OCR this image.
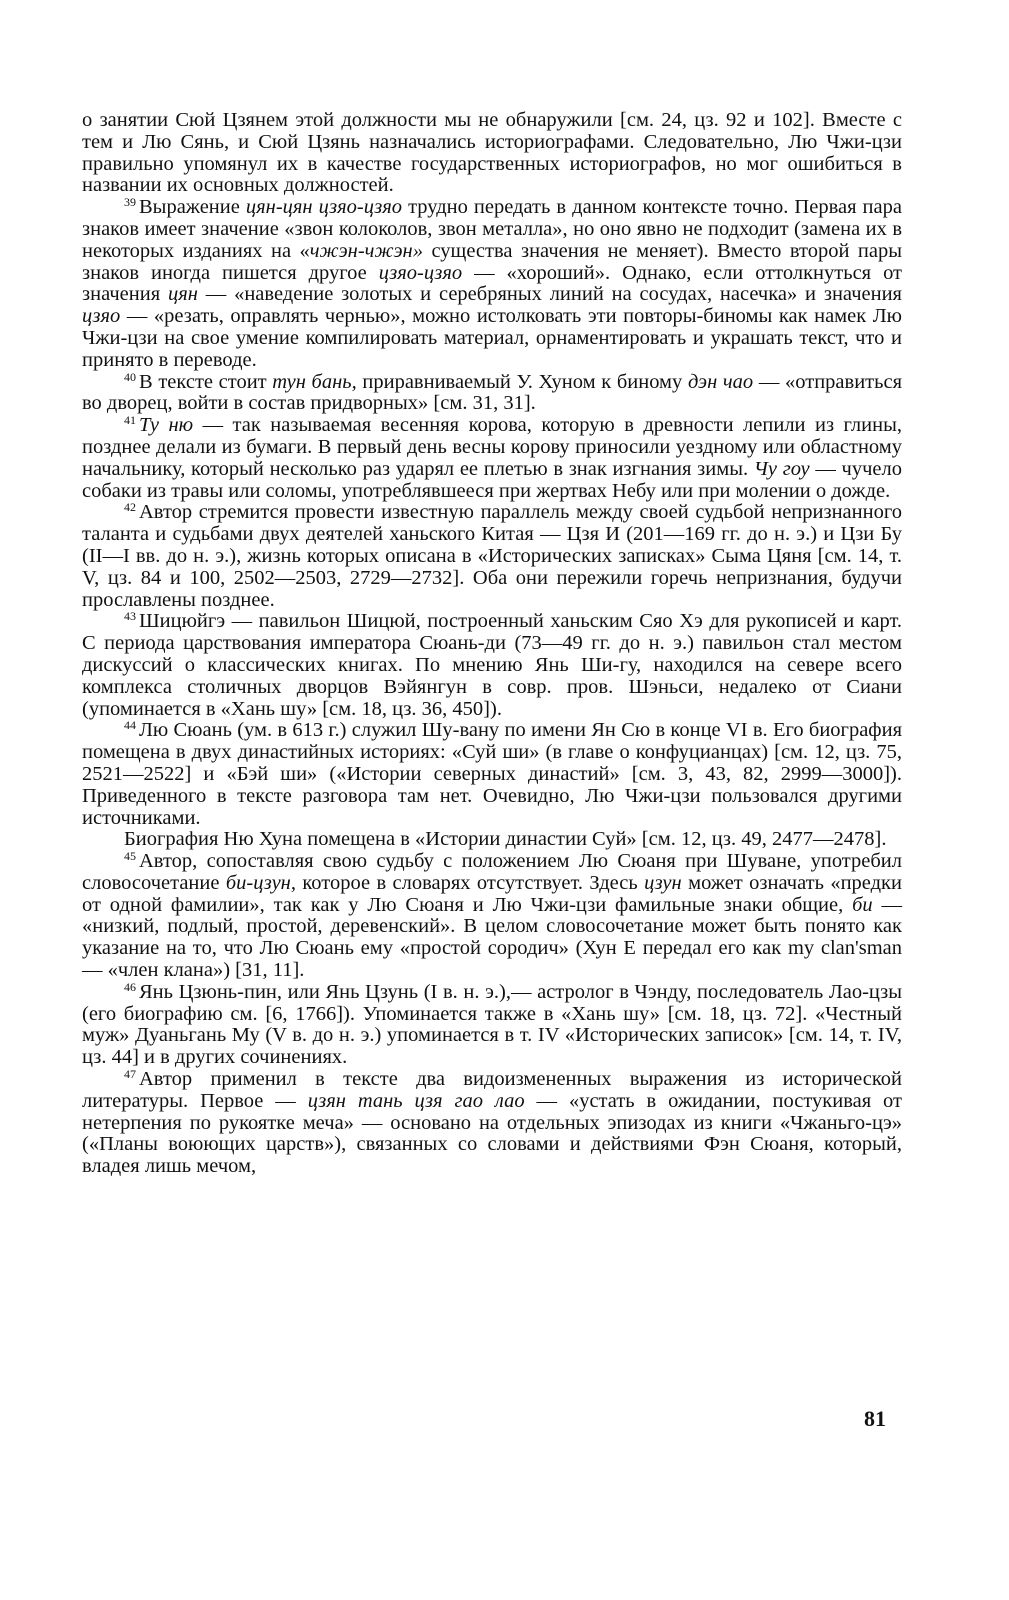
о занятии Сюй Цзянем этой должности мы не обнаружили [см. 24, цз. 92 и 102]. Вместе с тем и Лю Сянь, и Сюй Цзянь назначались историографами. Следовательно, Лю Чжи-цзи правильно упомянул их в качестве государственных историографов, но мог ошибиться в названии их основных должностей.

$^{39}$ Выражение цян-цян цзяо-цзяо трудно передать в данном контексте точно. Первая пара знаков имеет значение «звон колоколов, звон металла», но оно явно не подходит (замена их в некоторых изданиях на «чжэн-чжэн» существа значения не меняет). Вместо второй пары знаков иногда пишется другое цзяо-цзяо — «хороший». Однако, если оттолкнуться от значения цян — «наведение золотых и серебряных линий на сосудах, насечка» и значения цзяо — «резать, оправлять чернью», можно истолковать эти повторы-биномы как намек Лю Чжи-цзи на свое умение компилировать материал, орнаментировать и украшать текст, что и принято в переводе.

$^{40}$ В тексте стоит тун бань, приравниваемый У. Хуном к биному дэн чао — «отправиться во дворец, войти в состав придворных» [см. 31, 31].

$^{41}$ Ту ню — так называемая весенняя корова, которую в древности лепили из глины, позднее делали из бумаги. В первый день весны корову приносили уездному или областному начальнику, который несколько раз ударял ее плетью в знак изгнания зимы. Чу гоу — чучело собаки из травы или соломы, употреблявшееся при жертвах Небу или при молении о дожде.

$^{42}$ Автор стремится провести известную параллель между своей судьбой непризнанного таланта и судьбами двух деятелей ханьского Китая — Цзя И (201—169 гг. до н. э.) и Цзи Бу (II—I вв. до н. э.), жизнь которых описана в «Исторических записках» Сыма Цяня [см. 14, т. V, цз. 84 и 100, 2502—2503, 2729—2732]. Оба они пережили горечь непризнания, будучи прославлены позднее.

$^{43}$ Шицюйгэ — павильон Шицюй, построенный ханьским Сяо Хэ для рукописей и карт. С периода царствования императора Сюань-ди (73—49 гг. до н. э.) павильон стал местом дискуссий о классических книгах. По мнению Янь Ши-гу, находился на севере всего комплекса столичных дворцов Вэйянгун в совр. пров. Шэньси, недалеко от Сиани (упоминается в «Хань шу» [см. 18, цз. 36, 450]).

$^{44}$ Лю Сюань (ум. в 613 г.) служил Шу-вану по имени Ян Сю в конце VI в. Его биография помещена в двух династийных историях: «Суй ши» (в главе о конфуцианцах) [см. 12, цз. 75, 2521—2522] и «Бэй ши» («Истории северных династий» [см. 3, 43, 82, 2999—3000]). Приведенного в тексте разговора там нет. Очевидно, Лю Чжи-цзи пользовался другими источниками.

Биография Ню Хуна помещена в «Истории династии Суй» [см. 12, цз. 49, 2477—2478].

$^{45}$ Автор, сопоставляя свою судьбу с положением Лю Сюаня при Шуване, употребил словосочетание би-цзун, которое в словарях отсутствует. Здесь цзун может означать «предки от одной фамилии», так как у Лю Сюаня и Лю Чжи-цзи фамильные знаки общие, би — «низкий, подлый, простой, деревенский». В целом словосочетание может быть понято как указание на то, что Лю Сюань ему «простой сородич» (Хун Е передал его как my clan'sman — «член клана») [31, 11].

$^{46}$ Янь Цзюнь-пин, или Янь Цзунь (I в. н. э.),— астролог в Чэнду, последователь Лао-цзы (его биографию см. [6, 1766]). Упоминается также в «Хань шу» [см. 18, цз. 72]. «Честный муж» Дуаньгань Му (V в. до н. э.) упоминается в т. IV «Исторических записок» [см. 14, т. IV, цз. 44] и в других сочинениях.

$^{47}$ Автор применил в тексте два видоизмененных выражения из исторической литературы. Первое — цзян тань цзя гао лао — «устать в ожидании, постукивая от нетерпения по рукоятке меча» — основано на отдельных эпизодах из книги «Чжаньго-цэ» («Планы воюющих царств»), связанных со словами и действиями Фэн Сюаня, который, владея лишь мечом,

81
